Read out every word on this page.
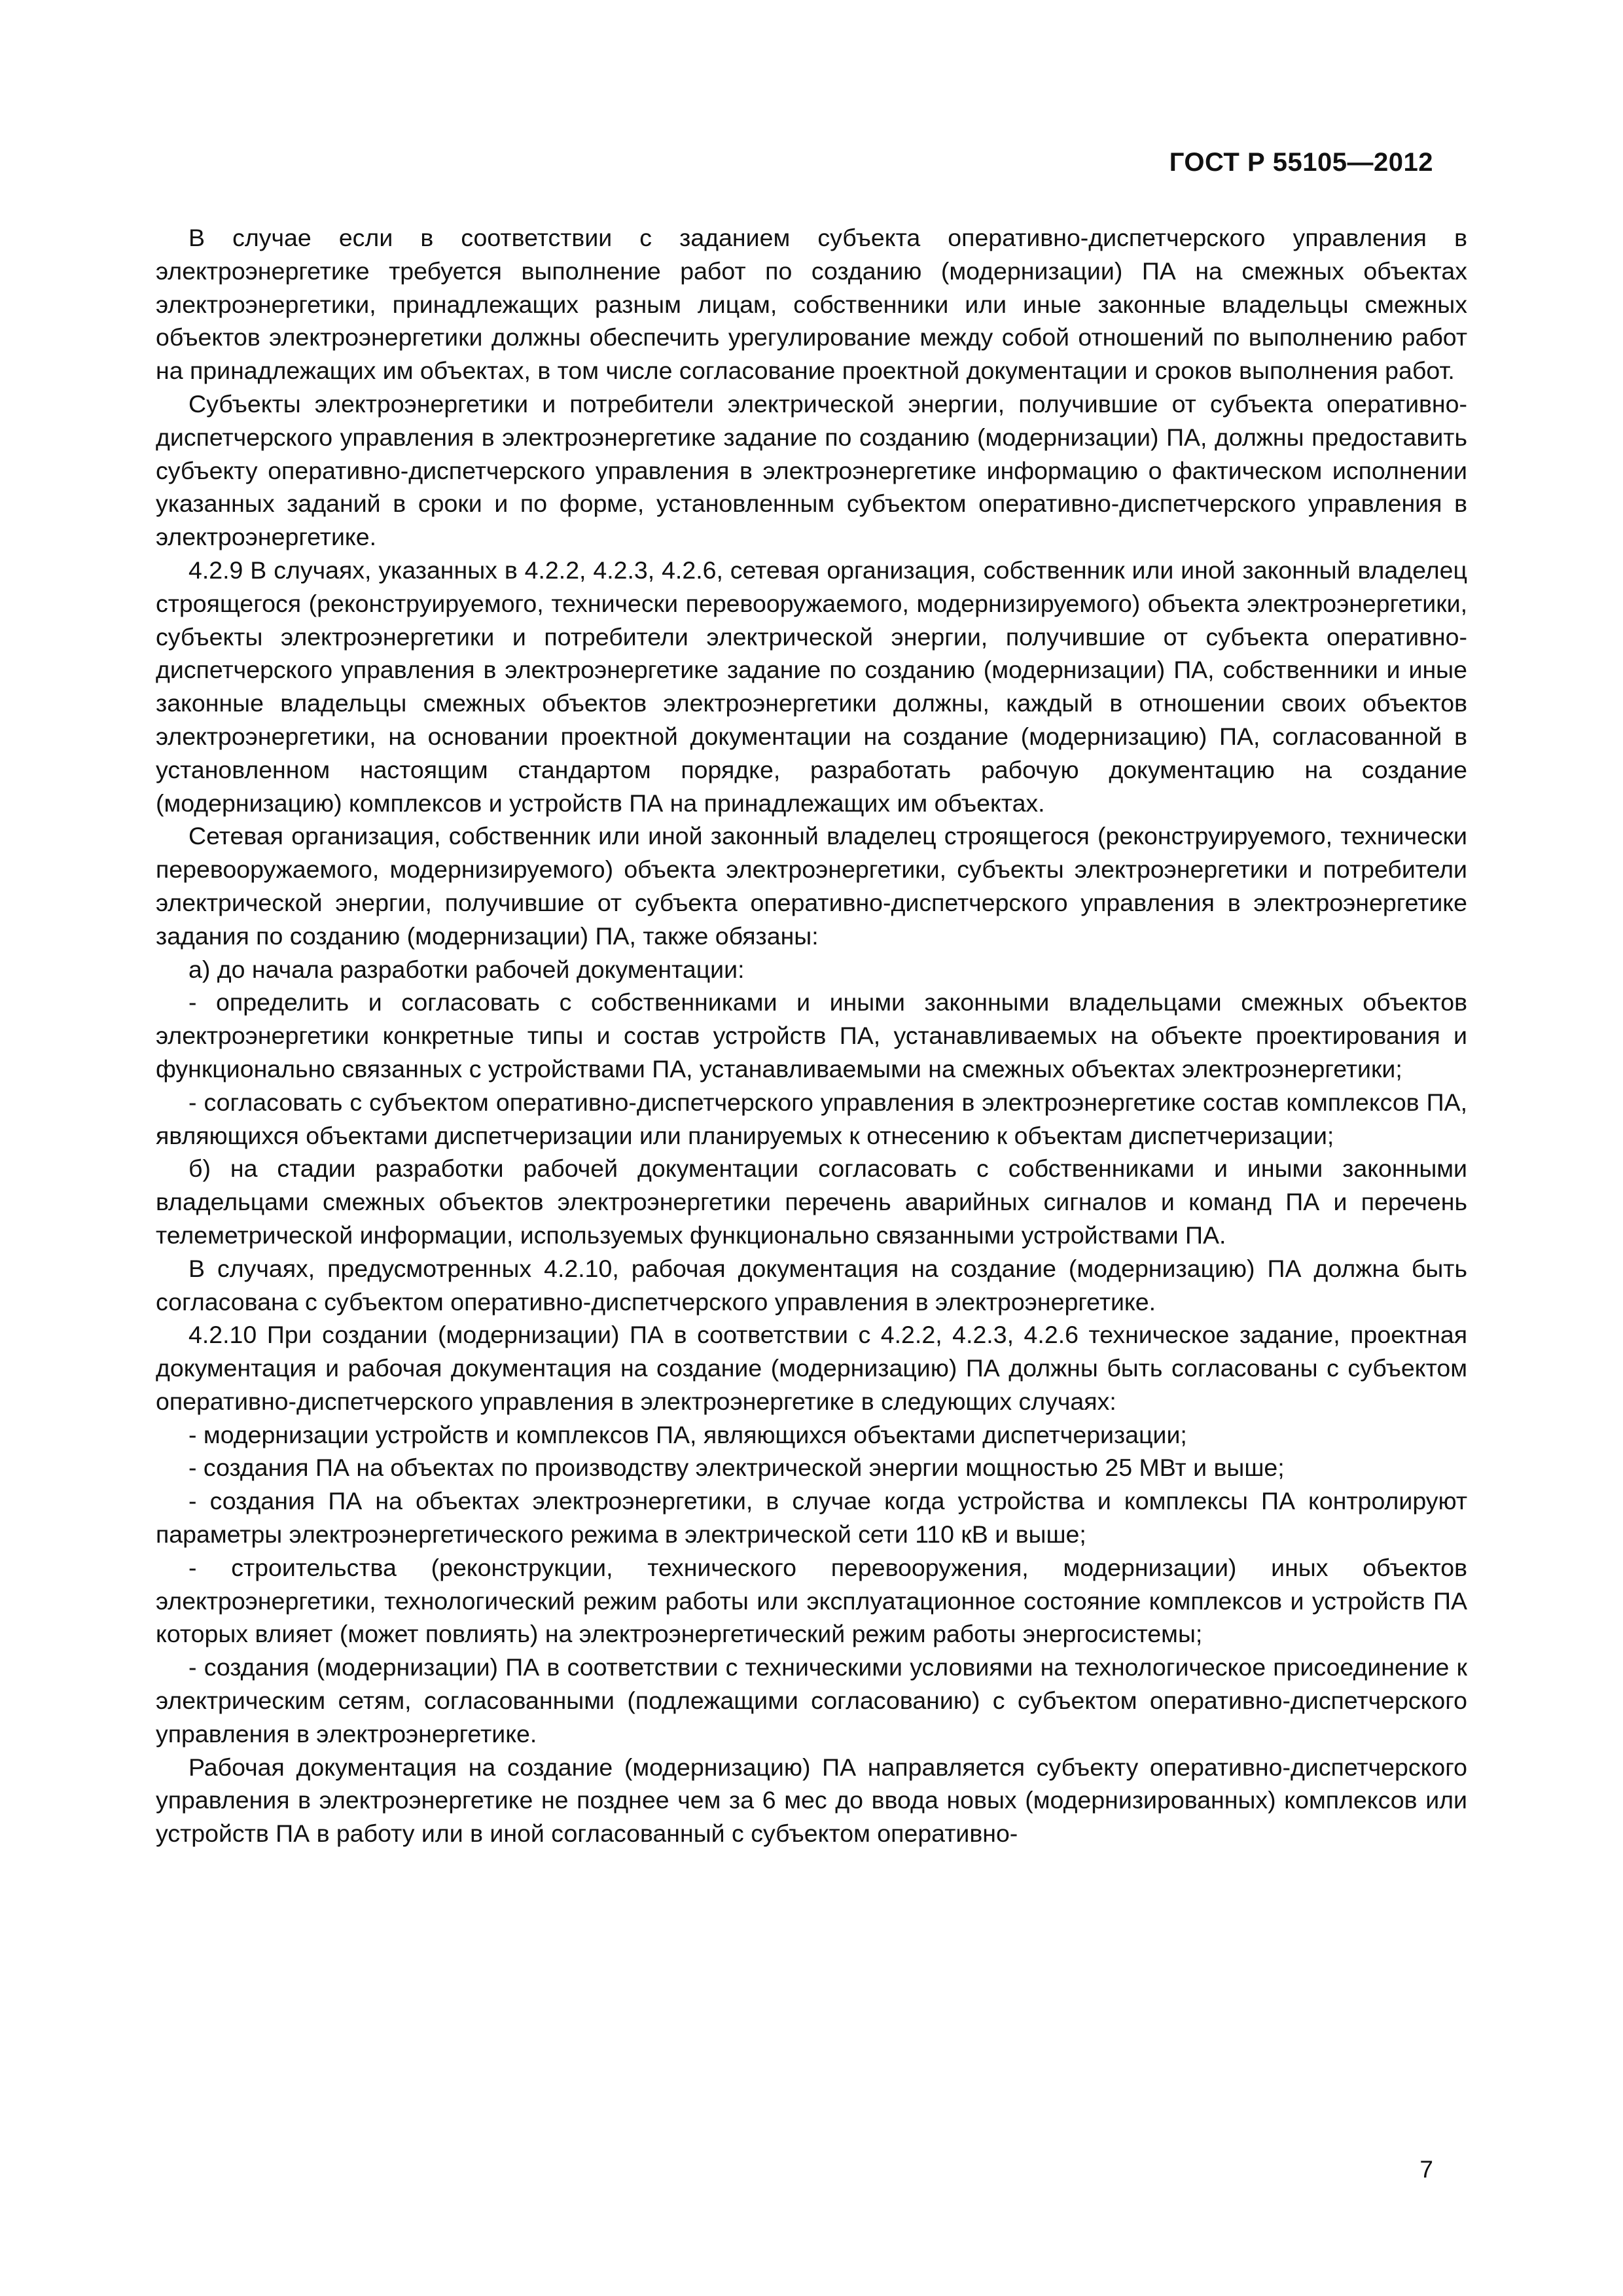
ГОСТ Р 55105—2012

В случае если в соответствии с заданием субъекта оперативно-диспетчерского управления в электроэнергетике требуется выполнение работ по созданию (модернизации) ПА на смежных объектах электроэнергетики, принадлежащих разным лицам, собственники или иные законные владельцы смежных объектов электроэнергетики должны обеспечить урегулирование между собой отношений по выполнению работ на принадлежащих им объектах, в том числе согласование проектной документации и сроков выполнения работ.

Субъекты электроэнергетики и потребители электрической энергии, получившие от субъекта оперативно-диспетчерского управления в электроэнергетике задание по созданию (модернизации) ПА, должны предоставить субъекту оперативно-диспетчерского управления в электроэнергетике информацию о фактическом исполнении указанных заданий в сроки и по форме, установленным субъектом оперативно-диспетчерского управления в электроэнергетике.

4.2.9 В случаях, указанных в 4.2.2, 4.2.3, 4.2.6, сетевая организация, собственник или иной законный владелец строящегося (реконструируемого, технически перевооружаемого, модернизируемого) объекта электроэнергетики, субъекты электроэнергетики и потребители электрической энергии, получившие от субъекта оперативно-диспетчерского управления в электроэнергетике задание по созданию (модернизации) ПА, собственники и иные законные владельцы смежных объектов электроэнергетики должны, каждый в отношении своих объектов электроэнергетики, на основании проектной документации на создание (модернизацию) ПА, согласованной в установленном настоящим стандартом порядке, разработать рабочую документацию на создание (модернизацию) комплексов и устройств ПА на принадлежащих им объектах.

Сетевая организация, собственник или иной законный владелец строящегося (реконструируемого, технически перевооружаемого, модернизируемого) объекта электроэнергетики, субъекты электроэнергетики и потребители электрической энергии, получившие от субъекта оперативно-диспетчерского управления в электроэнергетике задания по созданию (модернизации) ПА, также обязаны:

а) до начала разработки рабочей документации:

- определить и согласовать с собственниками и иными законными владельцами смежных объектов электроэнергетики конкретные типы и состав устройств ПА, устанавливаемых на объекте проектирования и функционально связанных с устройствами ПА, устанавливаемыми на смежных объектах электроэнергетики;

- согласовать с субъектом оперативно-диспетчерского управления в электроэнергетике состав комплексов ПА, являющихся объектами диспетчеризации или планируемых к отнесению к объектам диспетчеризации;

б) на стадии разработки рабочей документации согласовать с собственниками и иными законными владельцами смежных объектов электроэнергетики перечень аварийных сигналов и команд ПА и перечень телеметрической информации, используемых функционально связанными устройствами ПА.

В случаях, предусмотренных 4.2.10, рабочая документация на создание (модернизацию) ПА должна быть согласована с субъектом оперативно-диспетчерского управления в электроэнергетике.

4.2.10 При создании (модернизации) ПА в соответствии с 4.2.2, 4.2.3, 4.2.6 техническое задание, проектная документация и рабочая документация на создание (модернизацию) ПА должны быть согласованы с субъектом оперативно-диспетчерского управления в электроэнергетике в следующих случаях:

- модернизации устройств и комплексов ПА, являющихся объектами диспетчеризации;

- создания ПА на объектах по производству электрической энергии мощностью 25 МВт и выше;

- создания ПА на объектах электроэнергетики, в случае когда устройства и комплексы ПА контролируют параметры электроэнергетического режима в электрической сети 110 кВ и выше;

- строительства (реконструкции, технического перевооружения, модернизации) иных объектов электроэнергетики, технологический режим работы или эксплуатационное состояние комплексов и устройств ПА которых влияет (может повлиять) на электроэнергетический режим работы энергосистемы;

- создания (модернизации) ПА в соответствии с техническими условиями на технологическое присоединение к электрическим сетям, согласованными (подлежащими согласованию) с субъектом оперативно-диспетчерского управления в электроэнергетике.

Рабочая документация на создание (модернизацию) ПА направляется субъекту оперативно-диспетчерского управления в электроэнергетике не позднее чем за 6 мес до ввода новых (модернизированных) комплексов или устройств ПА в работу или в иной согласованный с субъектом оперативно-

7
